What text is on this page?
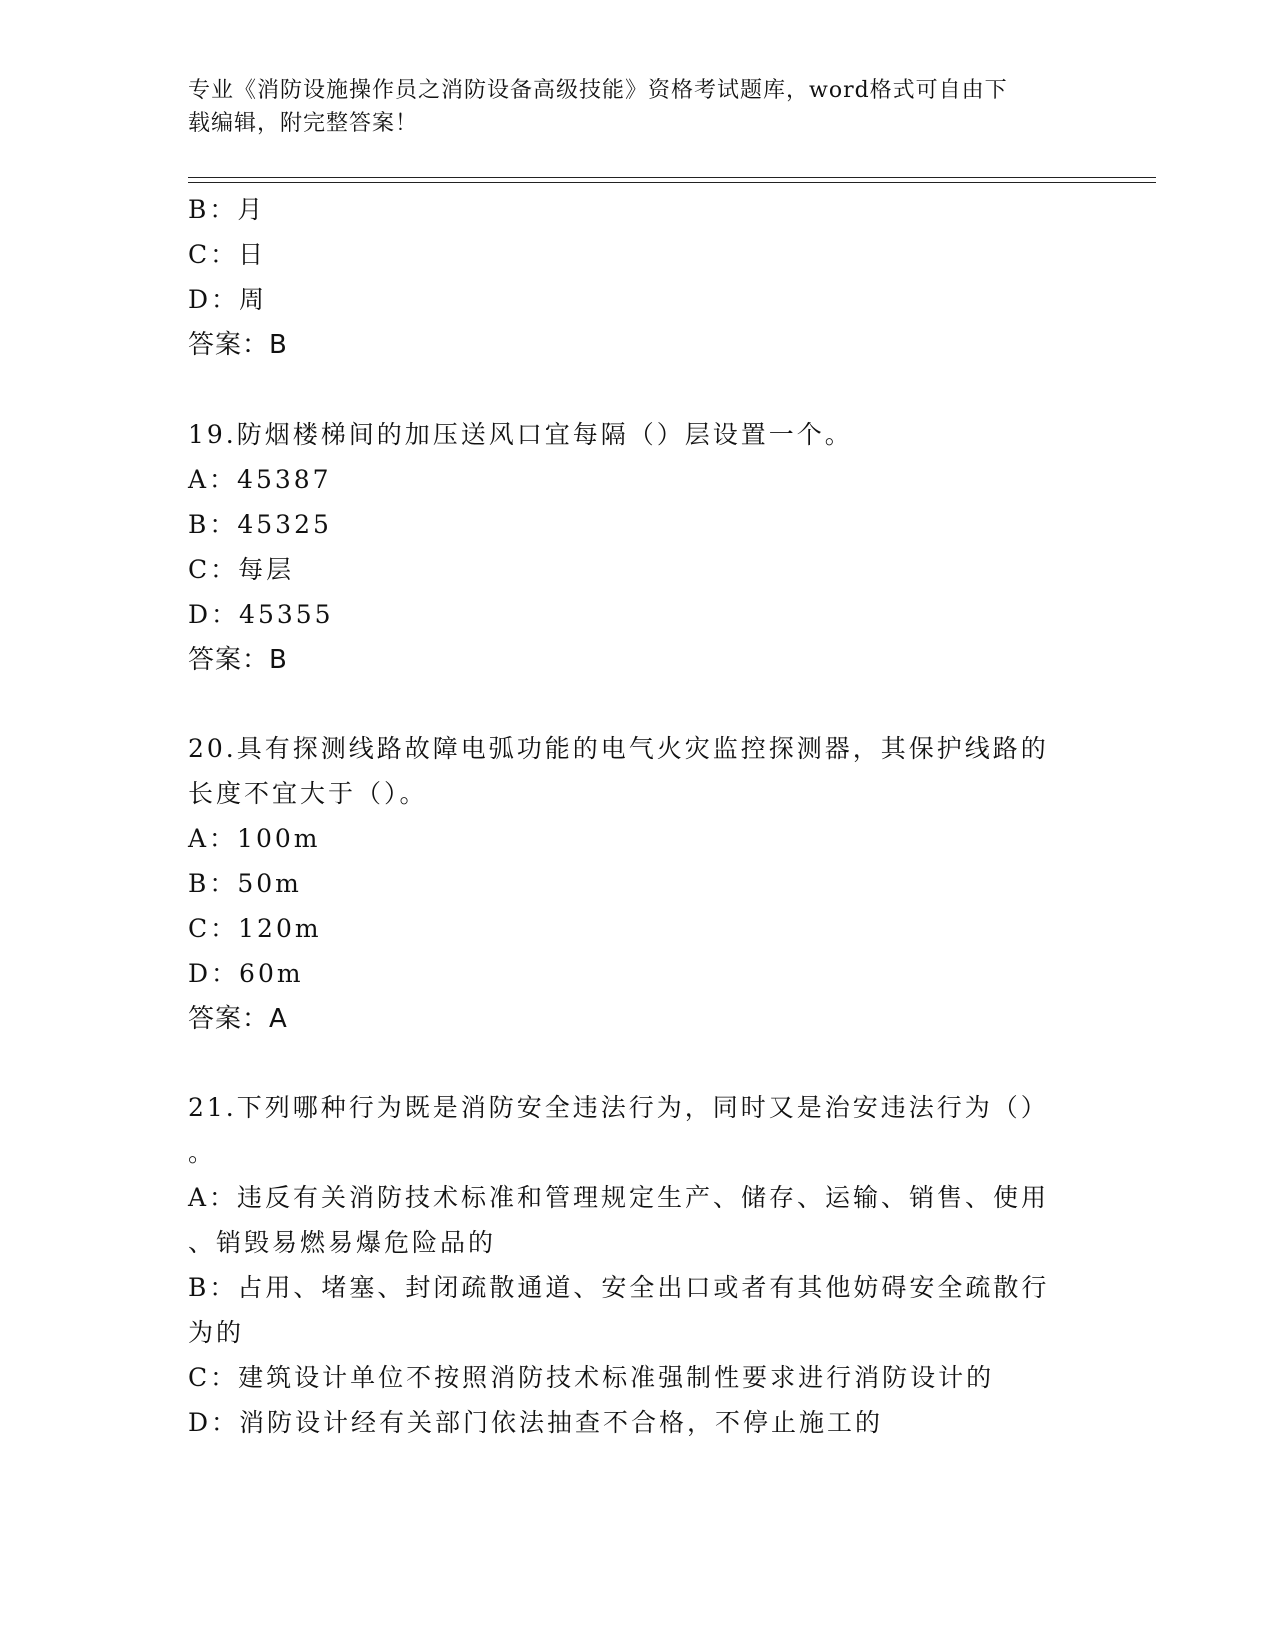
专业《消防设施操作员之消防设备高级技能》资格考试题库，word格式可自由下
载编辑，附完整答案！
B：月
C：日
D：周
答案：B
19.防烟楼梯间的加压送风口宜每隔（）层设置一个。
A：45387
B：45325
C：每层
D：45355
答案：B
20.具有探测线路故障电弧功能的电气火灾监控探测器，其保护线路的
长度不宜大于（）。
A：100m
B：50m
C：120m
D：60m
答案：A
21.下列哪种行为既是消防安全违法行为，同时又是治安违法行为（）
。
A：违反有关消防技术标准和管理规定生产、储存、运输、销售、使用
、销毁易燃易爆危险品的
B：占用、堵塞、封闭疏散通道、安全出口或者有其他妨碍安全疏散行
为的
C：建筑设计单位不按照消防技术标准强制性要求进行消防设计的
D：消防设计经有关部门依法抽查不合格，不停止施工的
